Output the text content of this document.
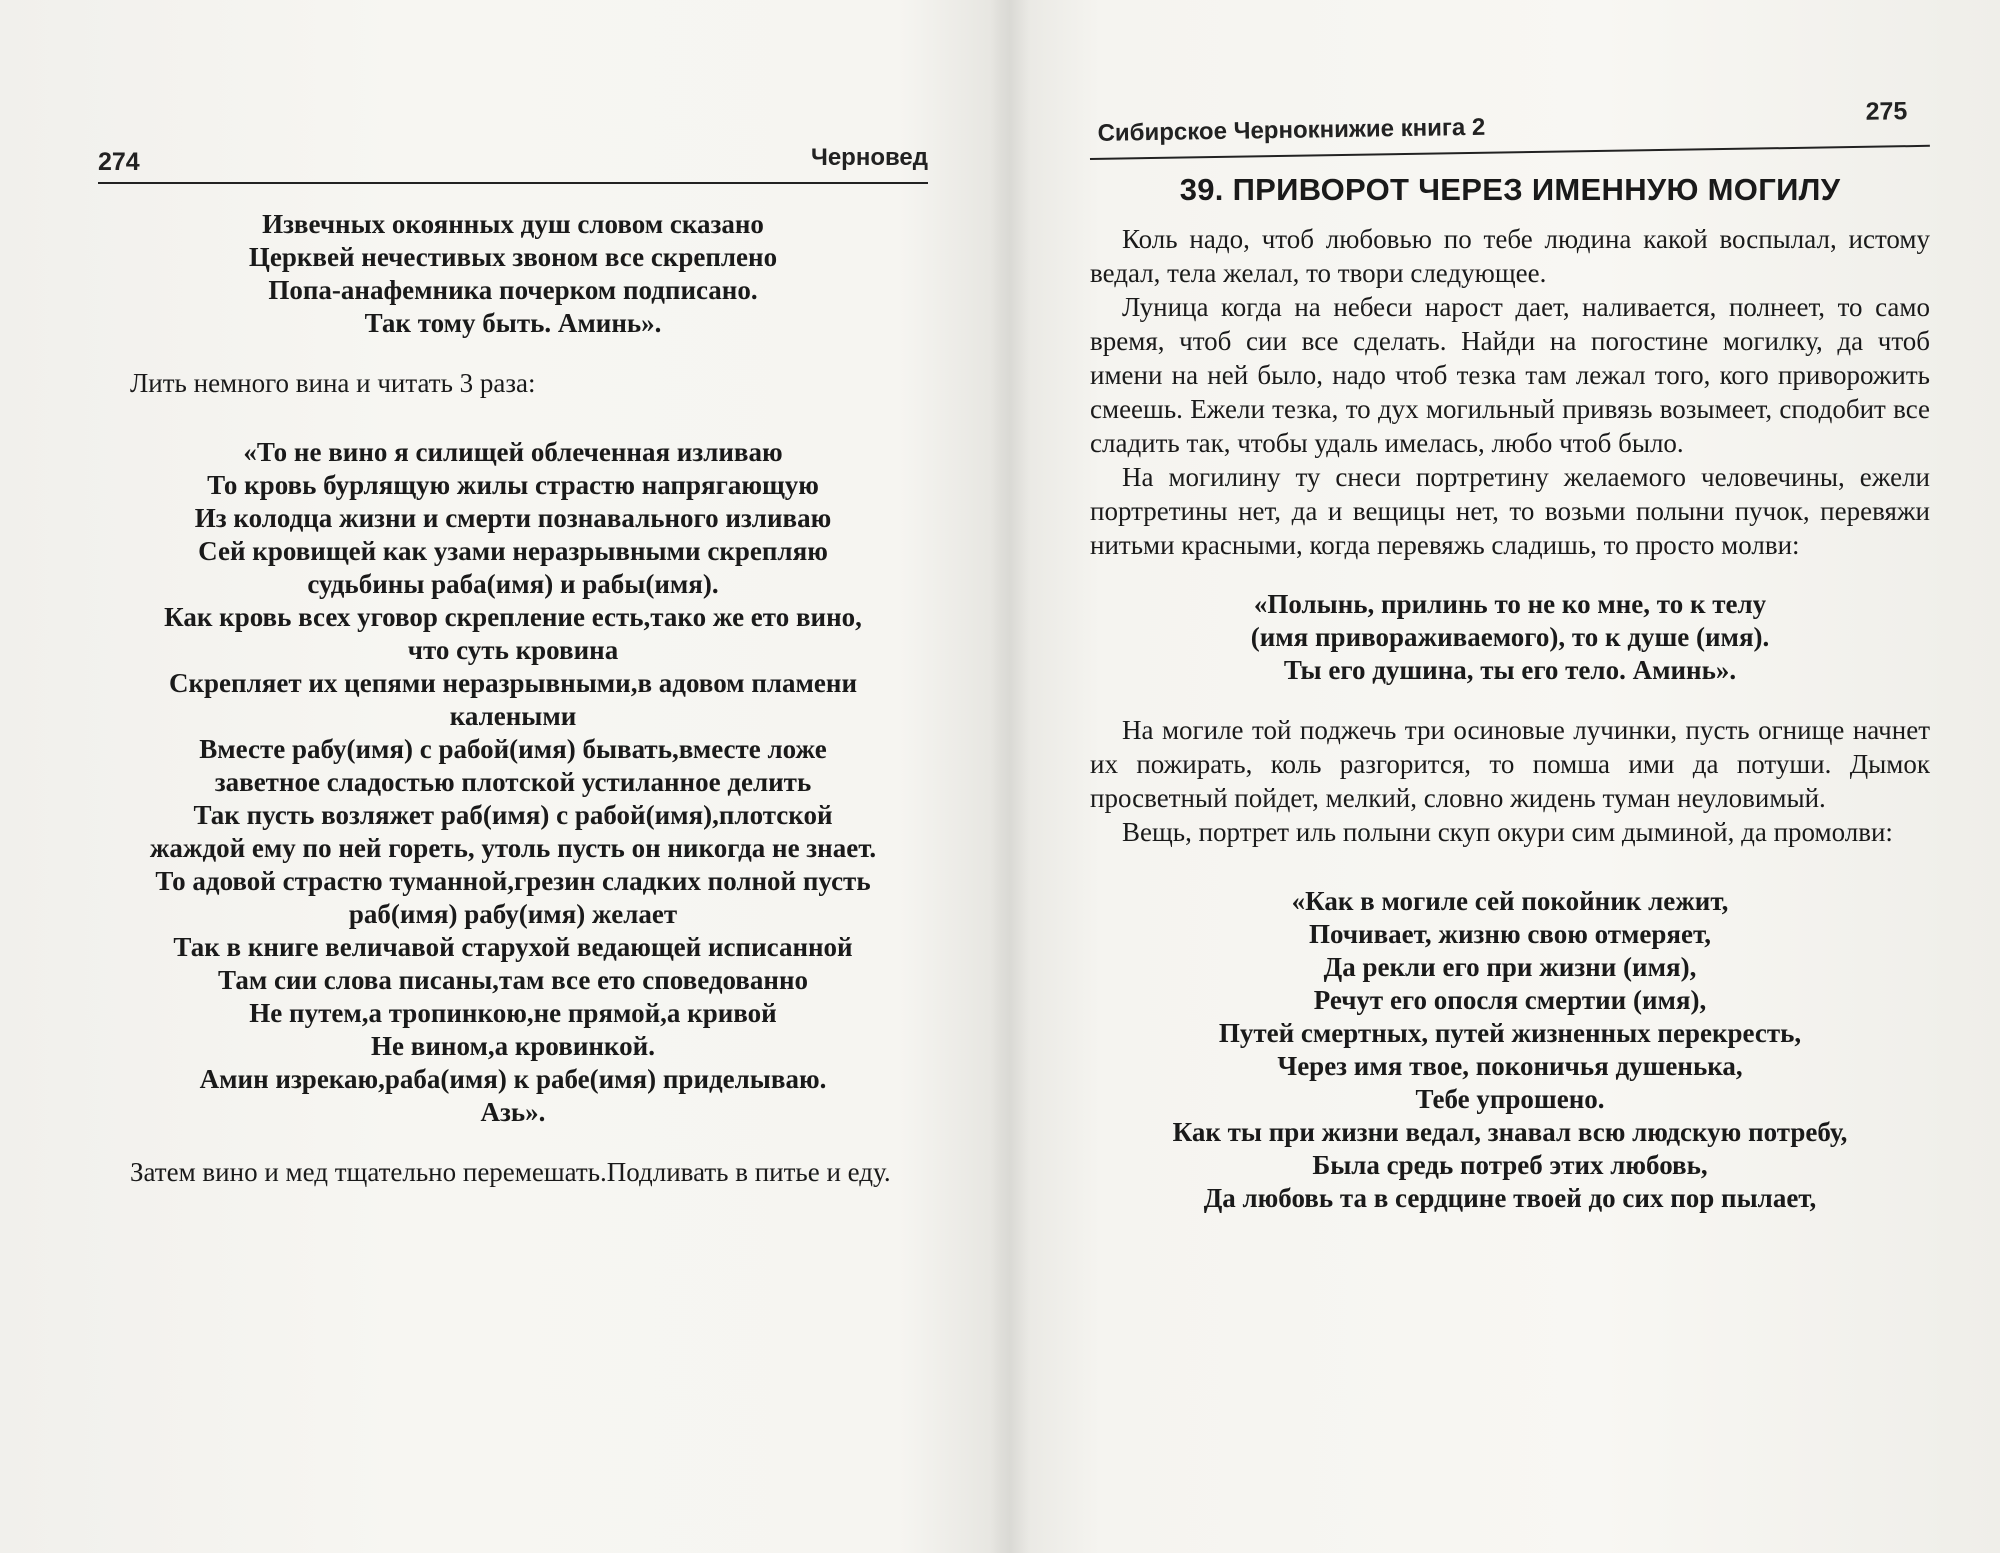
274	Черновед
Извечных окоянных душ словом сказано
Церквей нечестивых звоном все скреплено
Попа-анафемника почерком подписано.
Так тому быть. Аминь».

Лить немного вина и читать 3 раза:

«То не вино я силищей облеченная изливаю
То кровь бурлящую жилы страстю напрягающую
Из колодца жизни и смерти познавального изливаю
Сей кровищей как узами неразрывными скрепляю
судьбины раба(имя) и рабы(имя).
Как кровь всех уговор скрепление есть,тако же ето вино,
что суть кровина
Скрепляет их цепями неразрывными,в адовом пламени
калеными
Вместе рабу(имя) с рабой(имя) бывать,вместе ложе
заветное сладостью плотской устиланное делить
Так пусть возляжет раб(имя) с рабой(имя),плотской
жаждой ему по ней гореть, утоль пусть он никогда не знает.
То адовой страстю туманной,грезин сладких полной пусть
раб(имя) рабу(имя) желает
Так в книге величавой старухой ведающей исписанной
Там сии слова писаны,там все ето споведованно
Не путем,а тропинкою,не прямой,а кривой
Не вином,а кровинкой.
Амин изрекаю,раба(имя) к рабе(имя) приделываю.
Азь».

Затем вино и мед тщательно перемешать.Подливать в питье и еду.

Сибирское Чернокнижие книга 2
275
39. ПРИВОРОТ ЧЕРЕЗ ИМЕННУЮ МОГИЛУ

Коль надо, чтоб любовью по тебе людина какой воспылал, истому ведал, тела желал, то твори следующее.

Луница когда на небеси нарост дает, наливается, полнеет, то само время, чтоб сии все сделать. Найди на погостине могилку, да чтоб имени на ней было, надо чтоб тезка там лежал того, кого приворожить смеешь. Ежели тезка, то дух могильный привязь возымеет, сподобит все сладить так, чтобы удаль имелась, любо чтоб было.

На могилину ту снеси портретину желаемого человечины, ежели портретины нет, да и вещицы нет, то возьми полыни пучок, перевяжи нитьми красными, когда перевяжь сладишь, то просто молви:

«Полынь, прилинь то не ко мне, то к телу
(имя привораживаемого), то к душе (имя).
Ты его душина, ты его тело. Аминь».

На могиле той поджечь три осиновые лучинки, пусть огнище начнет их пожирать, коль разгорится, то помша ими да потуши. Дымок просветный пойдет, мелкий, словно жидень туман неуловимый.

Вещь, портрет иль полыни скуп окури сим дыминой, да промолви:

«Как в могиле сей покойник лежит,
Почивает, жизню свою отмеряет,
Да рекли его при жизни (имя),
Речут его опосля смертии (имя),
Путей смертных, путей жизненных перекресть,
Через имя твое, поконичья душенька,
Тебе упрошено.
Как ты при жизни ведал, знавал всю людскую потребу,
Была средь потреб этих любовь,
Да любовь та в сердцине твоей до сих пор пылает,
